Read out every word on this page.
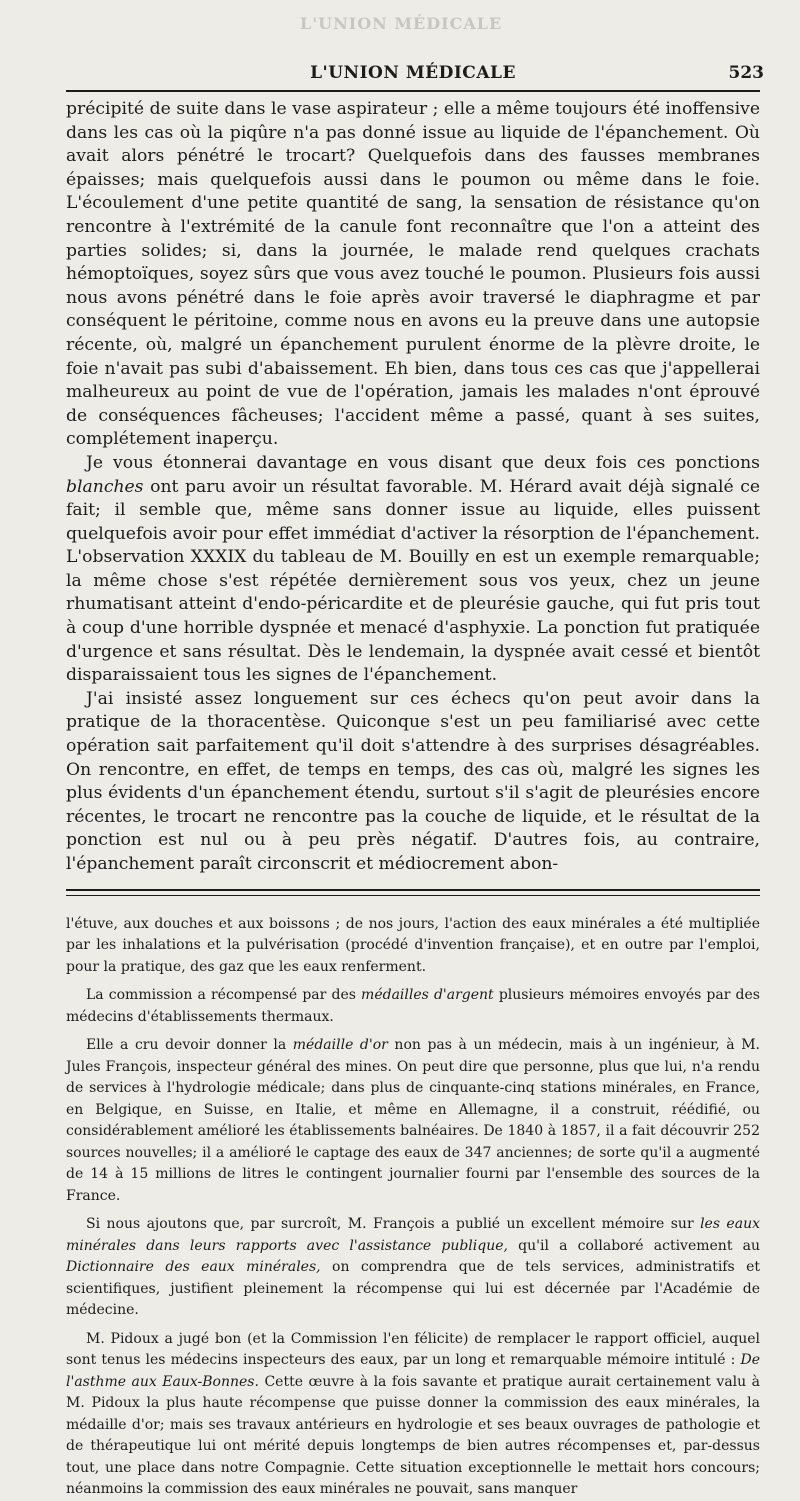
L'UNION MÉDICALE
L'UNION MÉDICALE	523

précipité de suite dans le vase aspirateur ; elle a même toujours été inoffensive dans les cas où la piqûre n'a pas donné issue au liquide de l'épanchement. Où avait alors pénétré le trocart? Quelquefois dans des fausses membranes épaisses; mais quelquefois aussi dans le poumon ou même dans le foie. L'écoulement d'une petite quantité de sang, la sensation de résistance qu'on rencontre à l'extrémité de la canule font reconnaître que l'on a atteint des parties solides; si, dans la journée, le malade rend quelques crachats hémoptoïques, soyez sûrs que vous avez touché le poumon. Plusieurs fois aussi nous avons pénétré dans le foie après avoir traversé le diaphragme et par conséquent le péritoine, comme nous en avons eu la preuve dans une autopsie récente, où, malgré un épanchement purulent énorme de la plèvre droite, le foie n'avait pas subi d'abaissement. Eh bien, dans tous ces cas que j'appellerai malheureux au point de vue de l'opération, jamais les malades n'ont éprouvé de conséquences fâcheuses; l'accident même a passé, quant à ses suites, complétement inaperçu.

Je vous étonnerai davantage en vous disant que deux fois ces ponctions blanches ont paru avoir un résultat favorable. M. Hérard avait déjà signalé ce fait; il semble que, même sans donner issue au liquide, elles puissent quelquefois avoir pour effet immédiat d'activer la résorption de l'épanchement. L'observation XXXIX du tableau de M. Bouilly en est un exemple remarquable; la même chose s'est répétée dernièrement sous vos yeux, chez un jeune rhumatisant atteint d'endo-péricardite et de pleurésie gauche, qui fut pris tout à coup d'une horrible dyspnée et menacé d'asphyxie. La ponction fut pratiquée d'urgence et sans résultat. Dès le lendemain, la dyspnée avait cessé et bientôt disparaissaient tous les signes de l'épanchement.

J'ai insisté assez longuement sur ces échecs qu'on peut avoir dans la pratique de la thoracentèse. Quiconque s'est un peu familiarisé avec cette opération sait parfaitement qu'il doit s'attendre à des surprises désagréables. On rencontre, en effet, de temps en temps, des cas où, malgré les signes les plus évidents d'un épanchement étendu, surtout s'il s'agit de pleurésies encore récentes, le trocart ne rencontre pas la couche de liquide, et le résultat de la ponction est nul ou à peu près négatif. D'autres fois, au contraire, l'épanchement paraît circonscrit et médiocrement abon-

l'étuve, aux douches et aux boissons ; de nos jours, l'action des eaux minérales a été multipliée par les inhalations et la pulvérisation (procédé d'invention française), et en outre par l'emploi, pour la pratique, des gaz que les eaux renferment.

La commission a récompensé par des médailles d'argent plusieurs mémoires envoyés par des médecins d'établissements thermaux.

Elle a cru devoir donner la médaille d'or non pas à un médecin, mais à un ingénieur, à M. Jules François, inspecteur général des mines. On peut dire que personne, plus que lui, n'a rendu de services à l'hydrologie médicale; dans plus de cinquante-cinq stations minérales, en France, en Belgique, en Suisse, en Italie, et même en Allemagne, il a construit, réédifié, ou considérablement amélioré les établissements balnéaires. De 1840 à 1857, il a fait découvrir 252 sources nouvelles; il a amélioré le captage des eaux de 347 anciennes; de sorte qu'il a augmenté de 14 à 15 millions de litres le contingent journalier fourni par l'ensemble des sources de la France.

Si nous ajoutons que, par surcroît, M. François a publié un excellent mémoire sur les eaux minérales dans leurs rapports avec l'assistance publique, qu'il a collaboré activement au Dictionnaire des eaux minérales, on comprendra que de tels services, administratifs et scientifiques, justifient pleinement la récompense qui lui est décernée par l'Académie de médecine.

M. Pidoux a jugé bon (et la Commission l'en félicite) de remplacer le rapport officiel, auquel sont tenus les médecins inspecteurs des eaux, par un long et remarquable mémoire intitulé : De l'asthme aux Eaux-Bonnes. Cette œuvre à la fois savante et pratique aurait certainement valu à M. Pidoux la plus haute récompense que puisse donner la commission des eaux minérales, la médaille d'or; mais ses travaux antérieurs en hydrologie et ses beaux ouvrages de pathologie et de thérapeutique lui ont mérité depuis longtemps de bien autres récompenses et, par-dessus tout, une place dans notre Compagnie. Cette situation exceptionnelle le mettait hors concours; néanmoins la commission des eaux minérales ne pouvait, sans manquer
